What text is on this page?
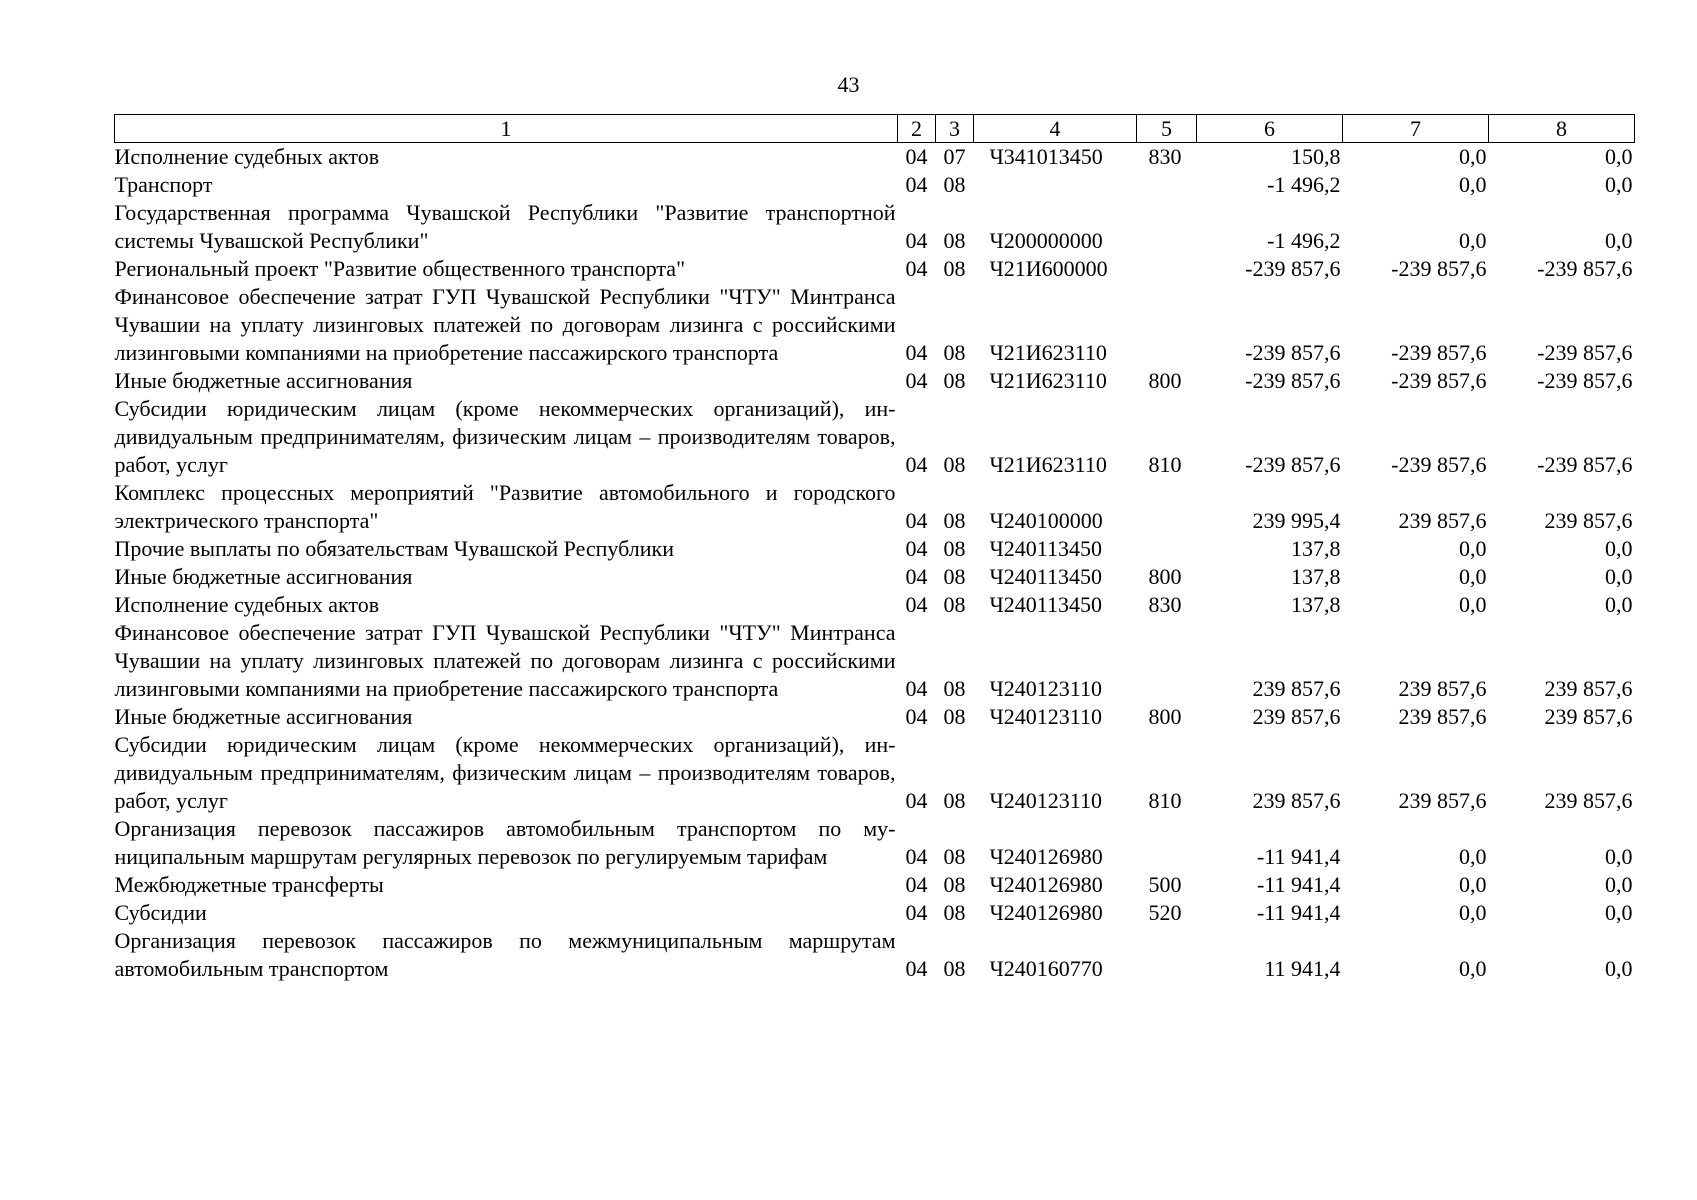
43
1	2	3	4	5	6	7	8
Исполнение судебных актов	04	07	Ч341013450	830	150,8	0,0	0,0
Транспорт	04	08			-1 496,2	0,0	0,0
Государственная программа Чувашской Республики "Развитие транспортной системы Чувашской Республики"	04	08	Ч200000000		-1 496,2	0,0	0,0
Региональный проект "Развитие общественного транспорта"	04	08	Ч21И600000		-239 857,6	-239 857,6	-239 857,6
Финансовое обеспечение затрат ГУП Чувашской Республики "ЧТУ" Минтранса Чувашии на уплату лизинговых платежей по договорам лизинга с российскими лизинговыми компаниями на приобретение пассажирского транспорта	04	08	Ч21И623110		-239 857,6	-239 857,6	-239 857,6
Иные бюджетные ассигнования	04	08	Ч21И623110	800	-239 857,6	-239 857,6	-239 857,6
Субсидии юридическим лицам (кроме некоммерческих организаций), индивидуальным предпринимателям, физическим лицам – производителям товаров, работ, услуг	04	08	Ч21И623110	810	-239 857,6	-239 857,6	-239 857,6
Комплекс процессных мероприятий "Развитие автомобильного и городского электрического транспорта"	04	08	Ч240100000		239 995,4	239 857,6	239 857,6
Прочие выплаты по обязательствам Чувашской Республики	04	08	Ч240113450		137,8	0,0	0,0
Иные бюджетные ассигнования	04	08	Ч240113450	800	137,8	0,0	0,0
Исполнение судебных актов	04	08	Ч240113450	830	137,8	0,0	0,0
Финансовое обеспечение затрат ГУП Чувашской Республики "ЧТУ" Минтранса Чувашии на уплату лизинговых платежей по договорам лизинга с российскими лизинговыми компаниями на приобретение пассажирского транспорта	04	08	Ч240123110		239 857,6	239 857,6	239 857,6
Иные бюджетные ассигнования	04	08	Ч240123110	800	239 857,6	239 857,6	239 857,6
Субсидии юридическим лицам (кроме некоммерческих организаций), индивидуальным предпринимателям, физическим лицам – производителям товаров, работ, услуг	04	08	Ч240123110	810	239 857,6	239 857,6	239 857,6
Организация перевозок пассажиров автомобильным транспортом по муниципальным маршрутам регулярных перевозок по регулируемым тарифам	04	08	Ч240126980		-11 941,4	0,0	0,0
Межбюджетные трансферты	04	08	Ч240126980	500	-11 941,4	0,0	0,0
Субсидии	04	08	Ч240126980	520	-11 941,4	0,0	0,0
Организация перевозок пассажиров по межмуниципальным маршрутам автомобильным транспортом	04	08	Ч240160770		11 941,4	0,0	0,0
